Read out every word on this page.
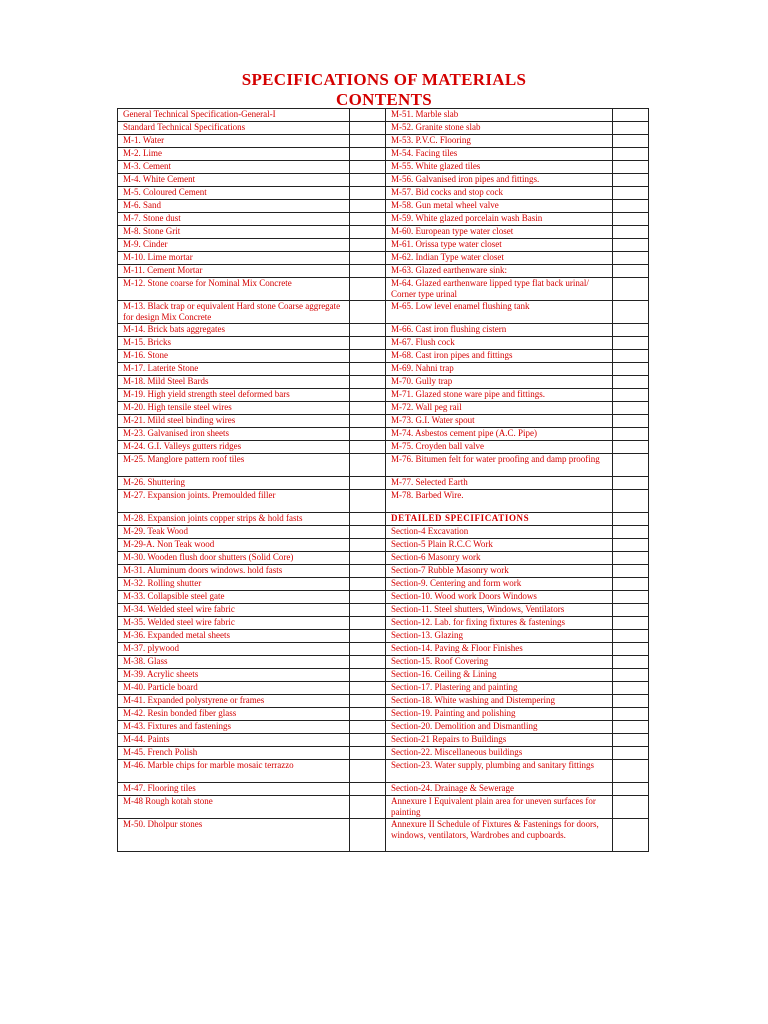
SPECIFICATIONS OF MATERIALS
CONTENTS
General Technical Specification-General-I		M-51. Marble slab	
Standard Technical Specifications		M-52. Granite stone slab	
M-1. Water		M-53. P.V.C. Flooring	
M-2. Lime		M-54. Facing tiles	
M-3. Cement		M-55. White glazed tiles	
M-4. White Cement		M-56. Galvanised iron pipes and fittings.	
M-5. Coloured Cement		M-57. Bid cocks and stop cock	
M-6. Sand		M-58. Gun metal wheel valve	
M-7. Stone dust		M-59. White glazed porcelain wash Basin	
M-8. Stone Grit		M-60. European type water closet	
M-9. Cinder		M-61. Orissa type water closet	
M-10. Lime mortar		M-62. Indian Type water closet	
M-11. Cement Mortar		M-63. Glazed earthenware sink:	
M-12. Stone coarse for Nominal Mix Concrete		M-64. Glazed earthenware lipped type flat back urinal/ Corner type urinal	
M-13. Black trap or equivalent Hard stone Coarse aggregate for design Mix Concrete		M-65. Low level enamel flushing tank	
M-14. Brick bats aggregates		M-66. Cast iron flushing cistern	
M-15. Bricks		M-67. Flush cock	
M-16. Stone		M-68. Cast iron pipes and fittings	
M-17. Laterite Stone		M-69. Nahni trap	
M-18. Mild Steel Bards		M-70. Gully trap	
M-19. High yield strength steel deformed bars		M-71. Glazed stone ware pipe and fittings.	
M-20. High tensile steel wires		M-72. Wall peg rail	
M-21. Mild steel binding wires		M-73. G.I. Water spout	
M-23. Galvanised iron sheets		M-74. Asbestos cement pipe (A.C. Pipe)	
M-24. G.I. Valleys gutters ridges		M-75. Croyden ball valve	
M-25. Manglore pattern roof tiles		M-76. Bitumen felt for water proofing and damp proofing	
M-26. Shuttering		M-77. Selected Earth	
M-27. Expansion joints. Premoulded filler		M-78. Barbed Wire.	
M-28. Expansion joints copper strips & hold fasts		DETAILED SPECIFICATIONS	
M-29. Teak Wood		Section-4 Excavation	
M-29-A. Non Teak wood		Section-5 Plain R.C.C Work	
M-30. Wooden flush door shutters (Solid Core)		Section-6 Masonry work	
M-31. Aluminum doors windows. hold fasts		Section-7 Rubble Masonry work	
M-32. Rolling shutter		Section-9. Centering and form work	
M-33. Collapsible steel gate		Section-10. Wood work Doors Windows	
M-34. Welded steel wire fabric		Section-11. Steel shutters, Windows, Ventilators	
M-35. Welded steel wire fabric		Section-12. Lab. for fixing fixtures & fastenings	
M-36. Expanded metal sheets		Section-13. Glazing	
M-37. plywood		Section-14. Paving & Floor Finishes	
M-38. Glass		Section-15. Roof Covering	
M-39. Acrylic sheets		Section-16. Ceiling & Lining	
M-40. Particle board		Section-17. Plastering and painting	
M-41. Expanded polystyrene or frames		Section-18. White washing and Distempering	
M-42. Resin bonded fiber glass		Section-19. Painting and polishing	
M-43. Fixtures and fastenings		Section-20. Demolition and Dismantling	
M-44. Paints		Section-21 Repairs to Buildings	
M-45. French Polish		Section-22. Miscellaneous buildings	
M-46. Marble chips for marble mosaic terrazzo		Section-23. Water supply, plumbing and sanitary fittings	
M-47. Flooring tiles		Section-24. Drainage & Sewerage	
M-48 Rough kotah stone		Annexure I Equivalent plain area for uneven surfaces for painting	
M-50. Dholpur stones		Annexure II Schedule of Fixtures & Fastenings for doors, windows, ventilators, Wardrobes and cupboards.	
